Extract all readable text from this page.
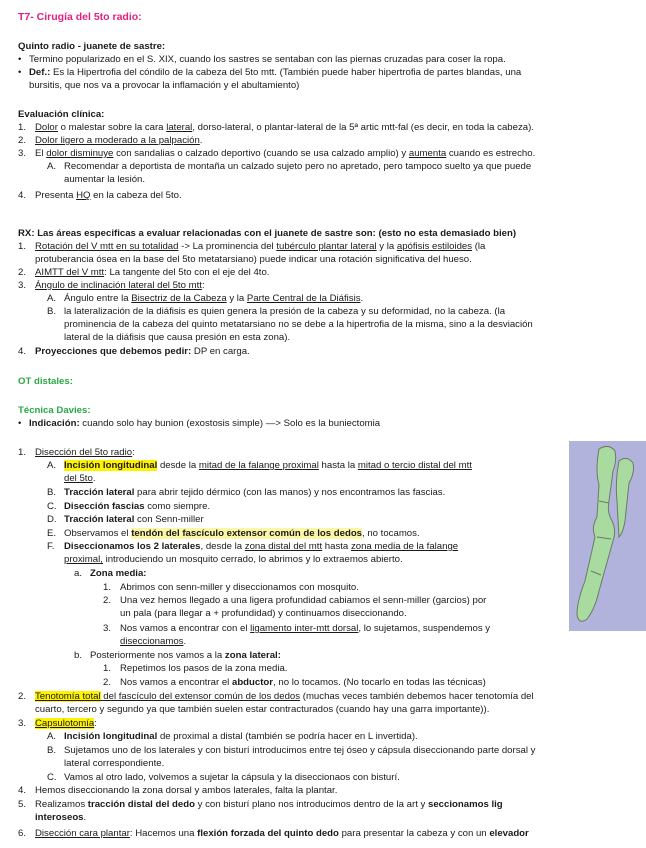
T7- Cirugía del 5to radio:
Quinto radio - juanete de sastre:
• Termino popularizado en el S. XIX, cuando los sastres se sentaban con las piernas cruzadas para coser la ropa.
• Def.: Es la Hipertrofia del cóndilo de la cabeza del 5to mtt. (También puede haber hipertrofia de partes blandas, una
bursitis, que nos va a provocar la inflamación y el abultamiento)
Evaluación clínica:
1. Dolor o malestar sobre la cara lateral, dorso-lateral, o plantar-lateral de la 5ª artic mtt-fal (es decir, en toda la cabeza).
2. Dolor ligero a moderado a la palpación.
3. El dolor disminuye con sandalias o calzado deportivo (cuando se usa calzado amplio) y aumenta cuando es estrecho.
A. Recomendar a deportista de montaña un calzado sujeto pero no apretado, pero tampoco suelto ya que puede
aumentar la lesión.
4. Presenta HQ en la cabeza del 5to.
RX: Las áreas especificas a evaluar relacionadas con el juanete de sastre son: (esto no esta demasiado bien)
1. Rotación del V mtt en su totalidad -> La prominencia del tubérculo plantar lateral y la apófisis estiloides (la
protuberancia ósea en la base del 5to metatarsiano) puede indicar una rotación significativa del hueso.
2. AIMTT del V mtt: La tangente del 5to con el eje del 4to.
3. Ángulo de inclinación lateral del 5to mtt:
A. Ángulo entre la Bisectriz de la Cabeza y la Parte Central de la Diáfisis.
B. la lateralización de la diáfisis es quien genera la presión de la cabeza y su deformidad, no la cabeza. (la
prominencia de la cabeza del quinto metatarsiano no se debe a la hipertrofia de la misma, sino a la desviación
lateral de la diáfisis que causa presión en esta zona).
4. Proyecciones que debemos pedir: DP en carga.
OT distales:
Técnica Davies:
• Indicación: cuando solo hay bunion (exostosis simple) —> Solo es la buniectomia
1. Disección del 5to radio:
A. Incisión longitudinal desde la mitad de la falange proximal hasta la mitad o tercio distal del mtt
del 5to.
B. Tracción lateral para abrir tejido dérmico (con las manos) y nos encontramos las fascias.
C. Disección fascias como siempre.
D. Tracción lateral con Senn-miller
E. Observamos el tendón del fascículo extensor común de los dedos, no tocamos.
F. Diseccionamos los 2 laterales, desde la zona distal del mtt hasta zona media de la falange
proximal, introduciendo un mosquito cerrado, lo abrimos y lo extraemos abierto.
a. Zona media:
1. Abrimos con senn-miller y diseccionamos con mosquito.
2. Una vez hemos llegado a una ligera profundidad cabiamos el senn-miller (garcios) por
un pala (para llegar a + profundidad) y continuamos diseccionando.
3. Nos vamos a encontrar con el ligamento inter-mtt dorsal, lo sujetamos, suspendemos y
diseccionamos.
b. Posteriormente nos vamos a la zona lateral:
1. Repetimos los pasos de la zona media.
2. Nos vamos a encontrar el abductor, no lo tocamos. (No tocarlo en todas las técnicas)
2. Tenotomía total del fascículo del extensor común de los dedos (muchas veces también debemos hacer tenotomía del
cuarto, tercero y segundo ya que también suelen estar contracturados (cuando hay una garra importante)).
3. Capsulotomía:
A. Incisión longitudinal de proximal a distal (también se podría hacer en L invertida).
B. Sujetamos uno de los laterales y con bisturí introducimos entre tej óseo y cápsula diseccionando parte dorsal y
lateral correspondiente.
C. Vamos al otro lado, volvemos a sujetar la cápsula y la diseccionaos con bisturí.
4. Hemos diseccionando la zona dorsal y ambos laterales, falta la plantar.
5. Realizamos tracción distal del dedo y con bisturí plano nos introducimos dentro de la art y seccionamos lig
interoseos.
6. Disección cara plantar: Hacemos una flexión forzada del quinto dedo para presentar la cabeza y con un elevador
